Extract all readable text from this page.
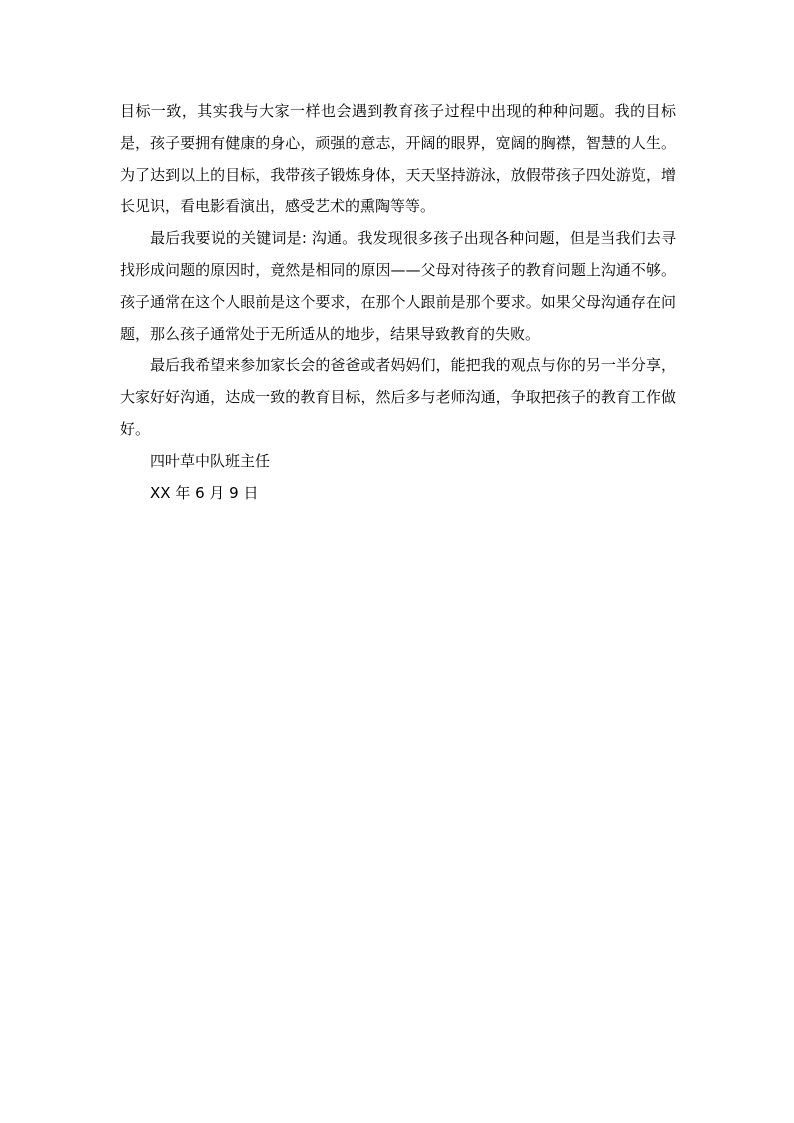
目标一致，其实我与大家一样也会遇到教育孩子过程中出现的种种问题。我的目标是，孩子要拥有健康的身心，顽强的意志，开阔的眼界，宽阔的胸襟，智慧的人生。为了达到以上的目标，我带孩子锻炼身体，天天坚持游泳，放假带孩子四处游览，增长见识，看电影看演出，感受艺术的熏陶等等。

最后我要说的关键词是: 沟通。我发现很多孩子出现各种问题，但是当我们去寻找形成问题的原因时，竟然是相同的原因——父母对待孩子的教育问题上沟通不够。孩子通常在这个人眼前是这个要求，在那个人跟前是那个要求。如果父母沟通存在问题，那么孩子通常处于无所适从的地步，结果导致教育的失败。

最后我希望来参加家长会的爸爸或者妈妈们，能把我的观点与你的另一半分享，大家好好沟通，达成一致的教育目标，然后多与老师沟通，争取把孩子的教育工作做好。

四叶草中队班主任

XX 年 6 月 9 日
